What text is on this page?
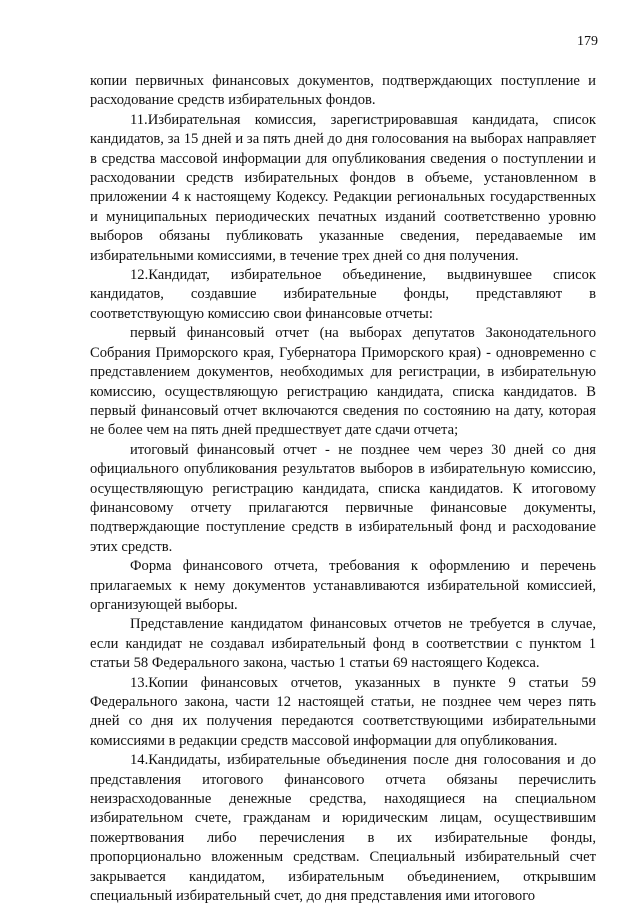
179

копии первичных финансовых документов, подтверждающих поступление и расходование средств избирательных фондов.

11.Избирательная комиссия, зарегистрировавшая кандидата, список кандидатов, за 15 дней и за пять дней до дня голосования на выборах направляет в средства массовой информации для опубликования сведения о поступлении и расходовании средств избирательных фондов в объеме, установленном в приложении 4 к настоящему Кодексу. Редакции региональных государственных и муниципальных периодических печатных изданий соответственно уровню выборов обязаны публиковать указанные сведения, передаваемые им избирательными комиссиями, в течение трех дней со дня получения.

12.Кандидат, избирательное объединение, выдвинувшее список кандидатов, создавшие избирательные фонды, представляют в соответствующую комиссию свои финансовые отчеты:

первый финансовый отчет (на выборах депутатов Законодательного Собрания Приморского края, Губернатора Приморского края) - одновременно с представлением документов, необходимых для регистрации, в избирательную комиссию, осуществляющую регистрацию кандидата, списка кандидатов. В первый финансовый отчет включаются сведения по состоянию на дату, которая не более чем на пять дней предшествует дате сдачи отчета;

итоговый финансовый отчет - не позднее чем через 30 дней со дня официального опубликования результатов выборов в избирательную комиссию, осуществляющую регистрацию кандидата, списка кандидатов. К итоговому финансовому отчету прилагаются первичные финансовые документы, подтверждающие поступление средств в избирательный фонд и расходование этих средств.

Форма финансового отчета, требования к оформлению и перечень прилагаемых к нему документов устанавливаются избирательной комиссией, организующей выборы.

Представление кандидатом финансовых отчетов не требуется в случае, если кандидат не создавал избирательный фонд в соответствии с пунктом 1 статьи 58 Федерального закона, частью 1 статьи 69 настоящего Кодекса.

13.Копии финансовых отчетов, указанных в пункте 9 статьи 59 Федерального закона, части 12 настоящей статьи, не позднее чем через пять дней со дня их получения передаются соответствующими избирательными комиссиями в редакции средств массовой информации для опубликования.

14.Кандидаты, избирательные объединения после дня голосования и до представления итогового финансового отчета обязаны перечислить неизрасходованные денежные средства, находящиеся на специальном избирательном счете, гражданам и юридическим лицам, осуществившим пожертвования либо перечисления в их избирательные фонды, пропорционально вложенным средствам. Специальный избирательный счет закрывается кандидатом, избирательным объединением, открывшим специальный избирательный счет, до дня представления ими итогового
